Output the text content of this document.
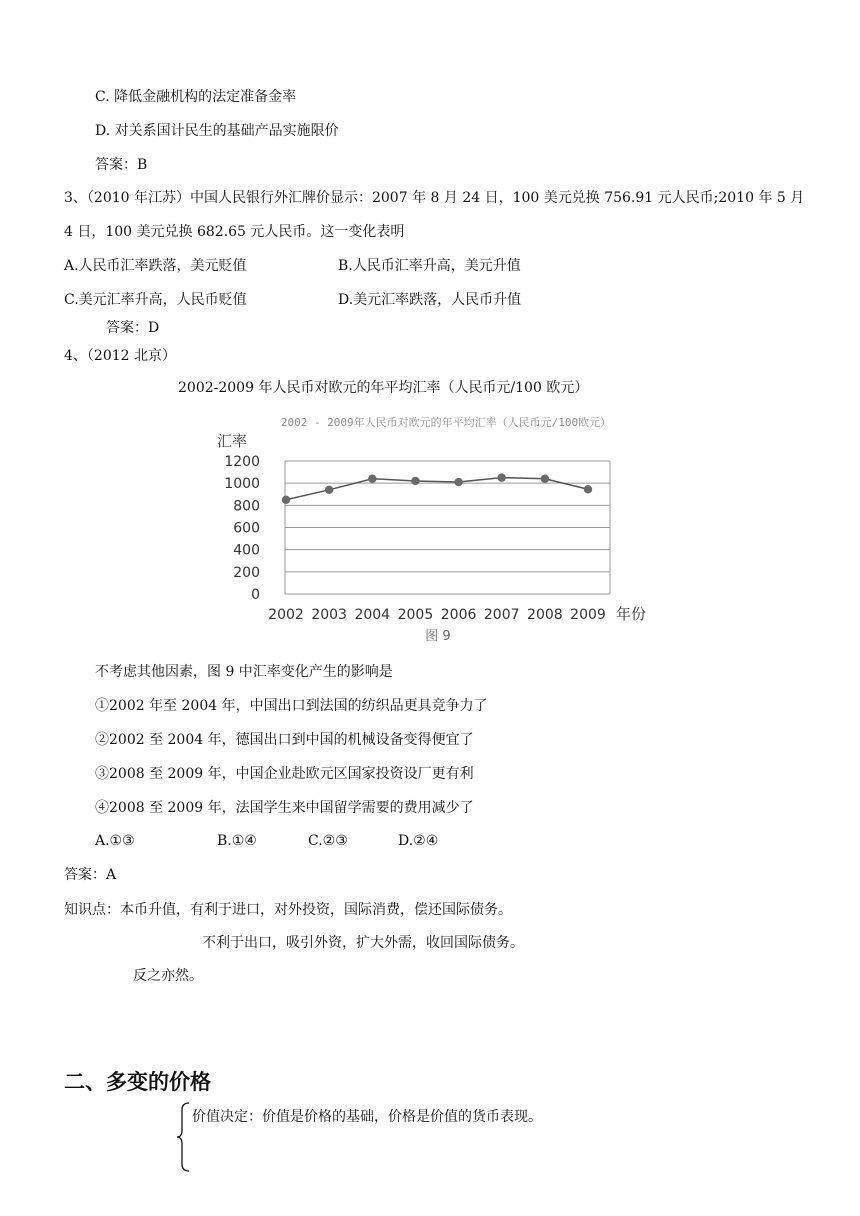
C. 降低金融机构的法定准备金率
D. 对关系国计民生的基础产品实施限价
答案：B
3、（2010 年江苏）中国人民银行外汇牌价显示：2007 年 8 月 24 日，100 美元兑换 756.91 元人民币;2010 年 5 月
4 日，100 美元兑换 682.65 元人民币。这一变化表明
A.人民币汇率跌落，美元贬值	B.人民币汇率升高，美元升值
C.美元汇率升高，人民币贬值	D.美元汇率跌落，人民币升值
答案：D
4、（2012 北京）
2002-2009 年人民币对欧元的年平均汇率（人民币元/100 欧元）
2002 - 2009年人民币对欧元的年平均汇率（人民币元/100欧元）
汇率
年份
图 9
1200
1000
800
600
400
200
0
2002 2003 2004 2005 2006 2007 2008 2009
不考虑其他因素，图 9 中汇率变化产生的影响是
①2002 年至 2004 年，中国出口到法国的纺织品更具竞争力了
②2002 至 2004 年，德国出口到中国的机械设备变得便宜了
③2008 至 2009 年，中国企业赴欧元区国家投资设厂更有利
④2008 至 2009 年，法国学生来中国留学需要的费用减少了
A.①③	B.①④	C.②③	D.②④
答案：A
知识点：本币升值，有利于进口，对外投资，国际消费，偿还国际债务。
不利于出口，吸引外资，扩大外需，收回国际债务。
反之亦然。
二、多变的价格
价值决定：价值是价格的基础，价格是价值的货币表现。
